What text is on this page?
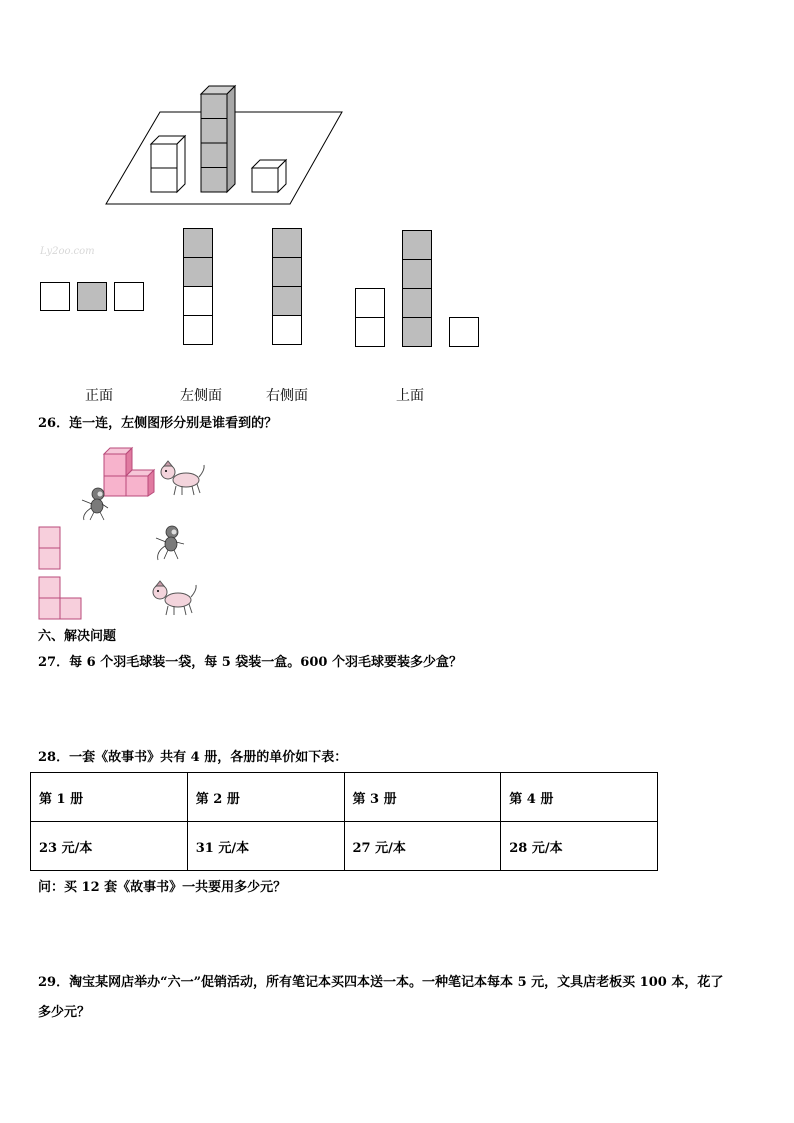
Ly2oo.com
正面	左侧面	右侧面	上面
26．连一连，左侧图形分别是谁看到的？
六、解决问题
27．每 6 个羽毛球装一袋，每 5 袋装一盒。600 个羽毛球要装多少盒？
28．一套《故事书》共有 4 册，各册的单价如下表：
第 1 册	第 2 册	第 3 册	第 4 册
23 元/本	31 元/本	27 元/本	28 元/本
问：买 12 套《故事书》一共要用多少元？
29．淘宝某网店举办“六一”促销活动，所有笔记本买四本送一本。一种笔记本每本 5 元，文具店老板买 100 本，花了
多少元？
